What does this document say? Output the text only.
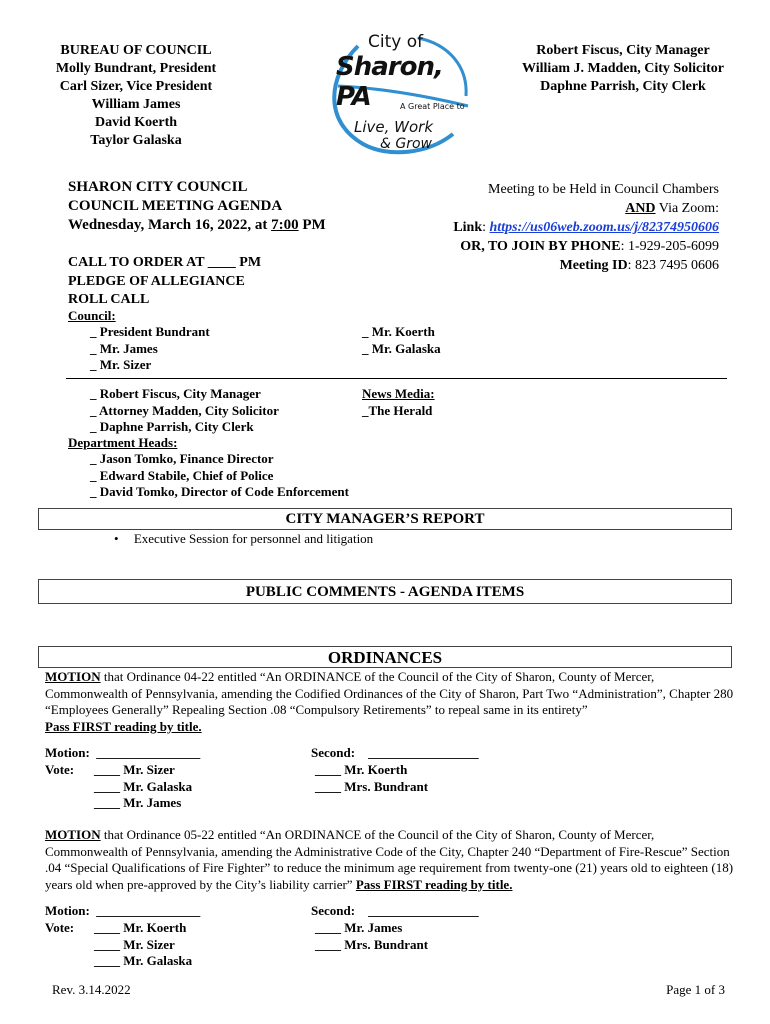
BUREAU OF COUNCIL
Molly Bundrant, President
Carl Sizer, Vice President
William James
David Koerth
Taylor Galaska
City of
Sharon, PA	A Great Place to
Live, Work
& Grow
Robert Fiscus, City Manager
William J. Madden, City Solicitor
Daphne Parrish, City Clerk
SHARON CITY COUNCIL
COUNCIL MEETING AGENDA
Wednesday, March 16, 2022, at 7:00 PM
Meeting to be Held in Council Chambers
AND Via Zoom:
Link: https://us06web.zoom.us/j/82374950606
OR, TO JOIN BY PHONE: 1-929-205-6099
Meeting ID: 823 7495 0606
CALL TO ORDER AT ____ PM
PLEDGE OF ALLEGIANCE
ROLL CALL
Council:
_ President Bundrant
_ Mr. James
_ Mr. Sizer
_ Mr. Koerth
_ Mr. Galaska
_ Robert Fiscus, City Manager
_ Attorney Madden, City Solicitor
_ Daphne Parrish, City Clerk
News Media:
_The Herald
Department Heads:
_ Jason Tomko, Finance Director
_ Edward Stabile, Chief of Police
_ David Tomko, Director of Code Enforcement
CITY MANAGER’S REPORT
• Executive Session for personnel and litigation
PUBLIC COMMENTS - AGENDA ITEMS
ORDINANCES
MOTION that Ordinance 04-22 entitled “An ORDINANCE of the Council of the City of Sharon, County of Mercer, Commonwealth of Pennsylvania, amending the Codified Ordinances of the City of Sharon, Part Two “Administration”, Chapter 280 “Employees Generally” Repealing Section .08 “Compulsory Retirements” to repeal same in its entirety”
Pass FIRST reading by title.
Motion: ________________
Vote:	____ Mr. Sizer
____ Mr. Galaska
____ Mr. James
Second: _________________
____ Mr. Koerth
____ Mrs. Bundrant
MOTION that Ordinance 05-22 entitled “An ORDINANCE of the Council of the City of Sharon, County of Mercer, Commonwealth of Pennsylvania, amending the Administrative Code of the City, Chapter 240 “Department of Fire-Rescue” Section .04 “Special Qualifications of Fire Fighter” to reduce the minimum age requirement from twenty-one (21) years old to eighteen (18) years old when pre-approved by the City’s liability carrier” Pass FIRST reading by title.
Motion: ________________
Vote:	____ Mr. Koerth
____ Mr. Sizer
____ Mr. Galaska
Second: _________________
____ Mr. James
____ Mrs. Bundrant
Rev. 3.14.2022	Page 1 of 3
